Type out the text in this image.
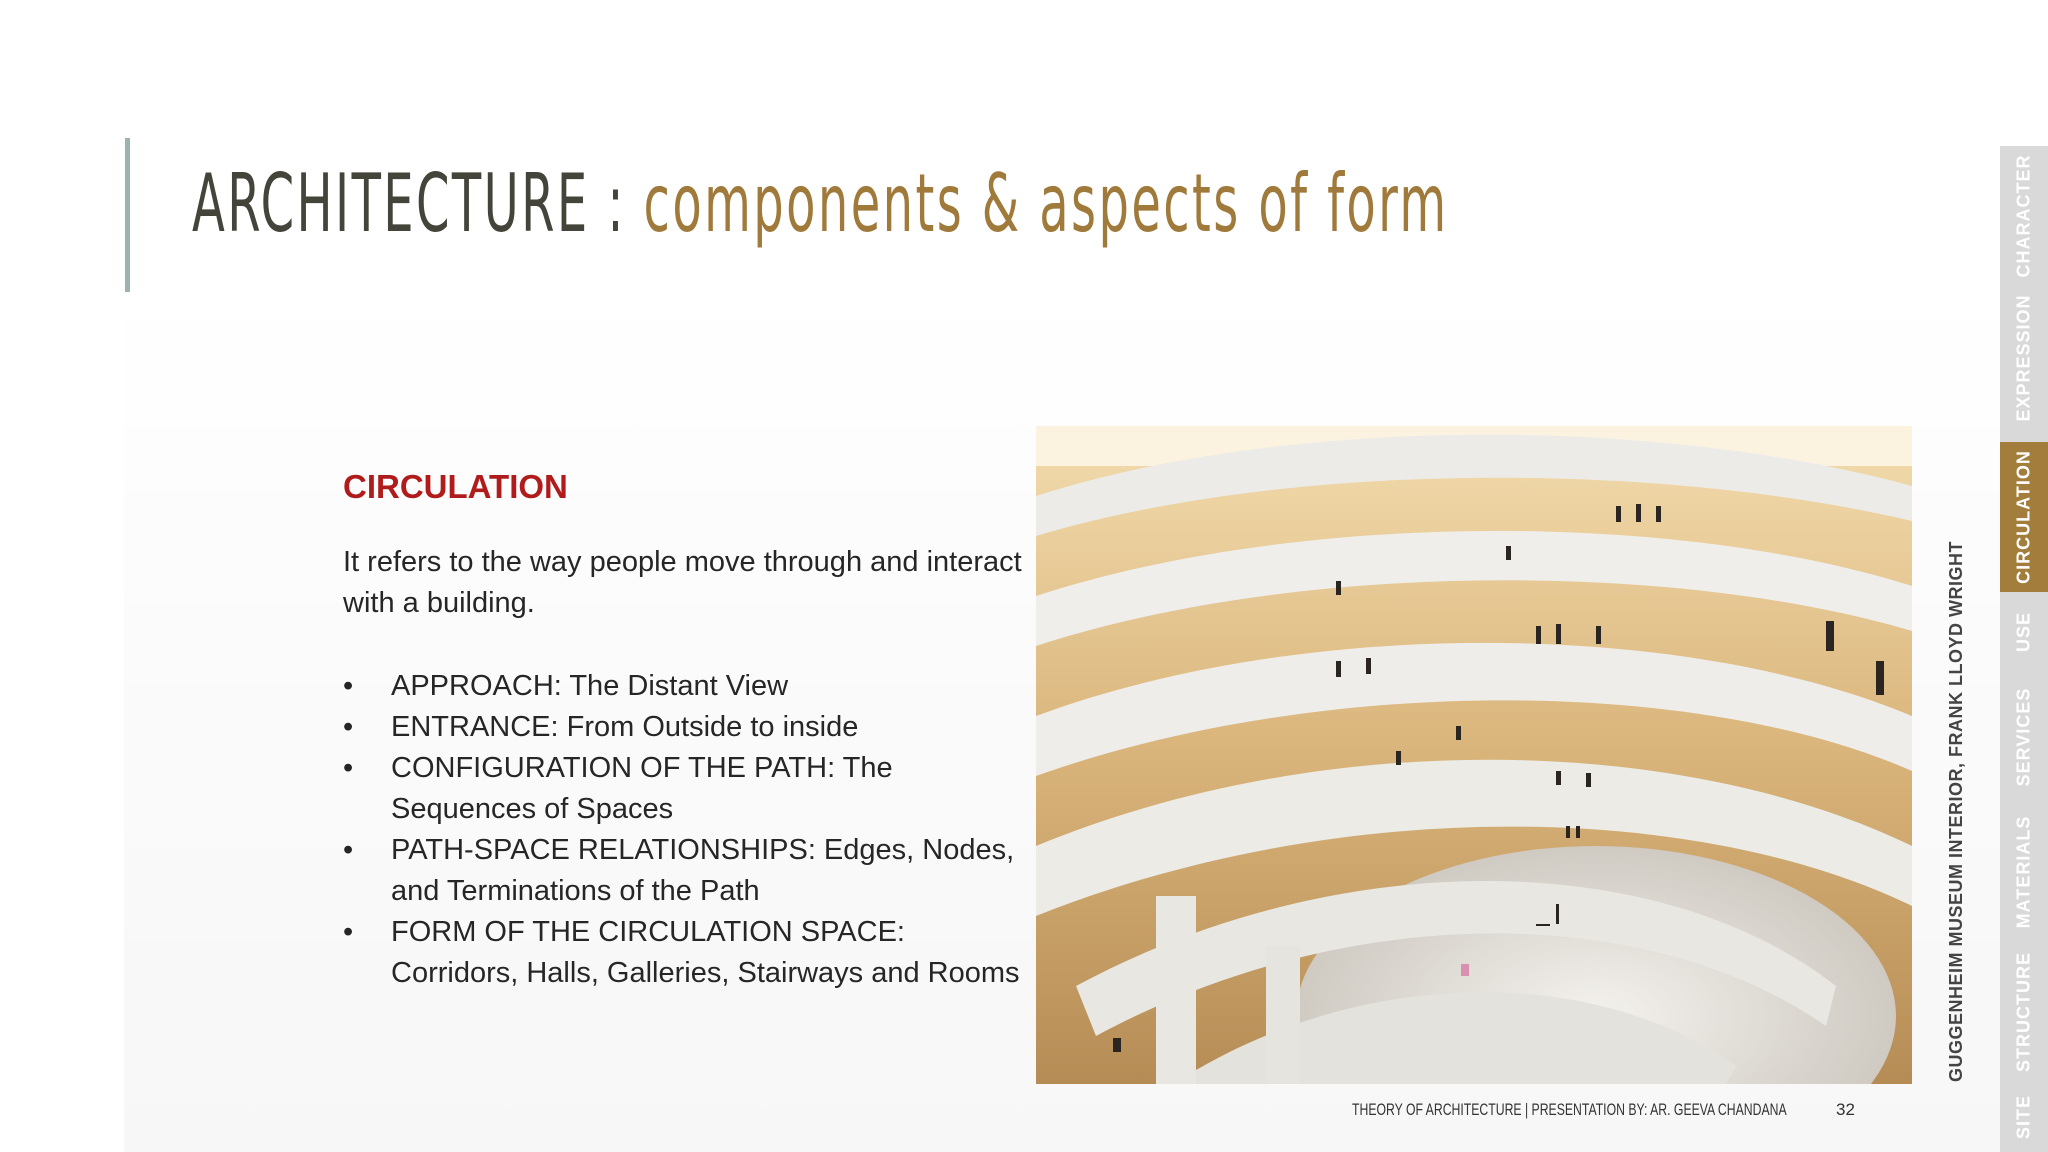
ARCHITECTURE : components & aspects of form
CIRCULATION
It refers to the way people move through and interact with a building.
• APPROACH: The Distant View
• ENTRANCE: From Outside to inside
• CONFIGURATION OF THE PATH: The Sequences of Spaces
• PATH-SPACE RELATIONSHIPS: Edges, Nodes, and Terminations of the Path
• FORM OF THE CIRCULATION SPACE: Corridors, Halls, Galleries, Stairways and Rooms	GUGGENHEIM MUSEUM INTERIOR, FRANK LLOYD WRIGHT
THEORY OF ARCHITECTURE | PRESENTATION BY: AR. GEEVA CHANDANA	32
CHARACTER
EXPRESSION
CIRCULATION
USE
SERVICES
MATERIALS
STRUCTURE
SITE
